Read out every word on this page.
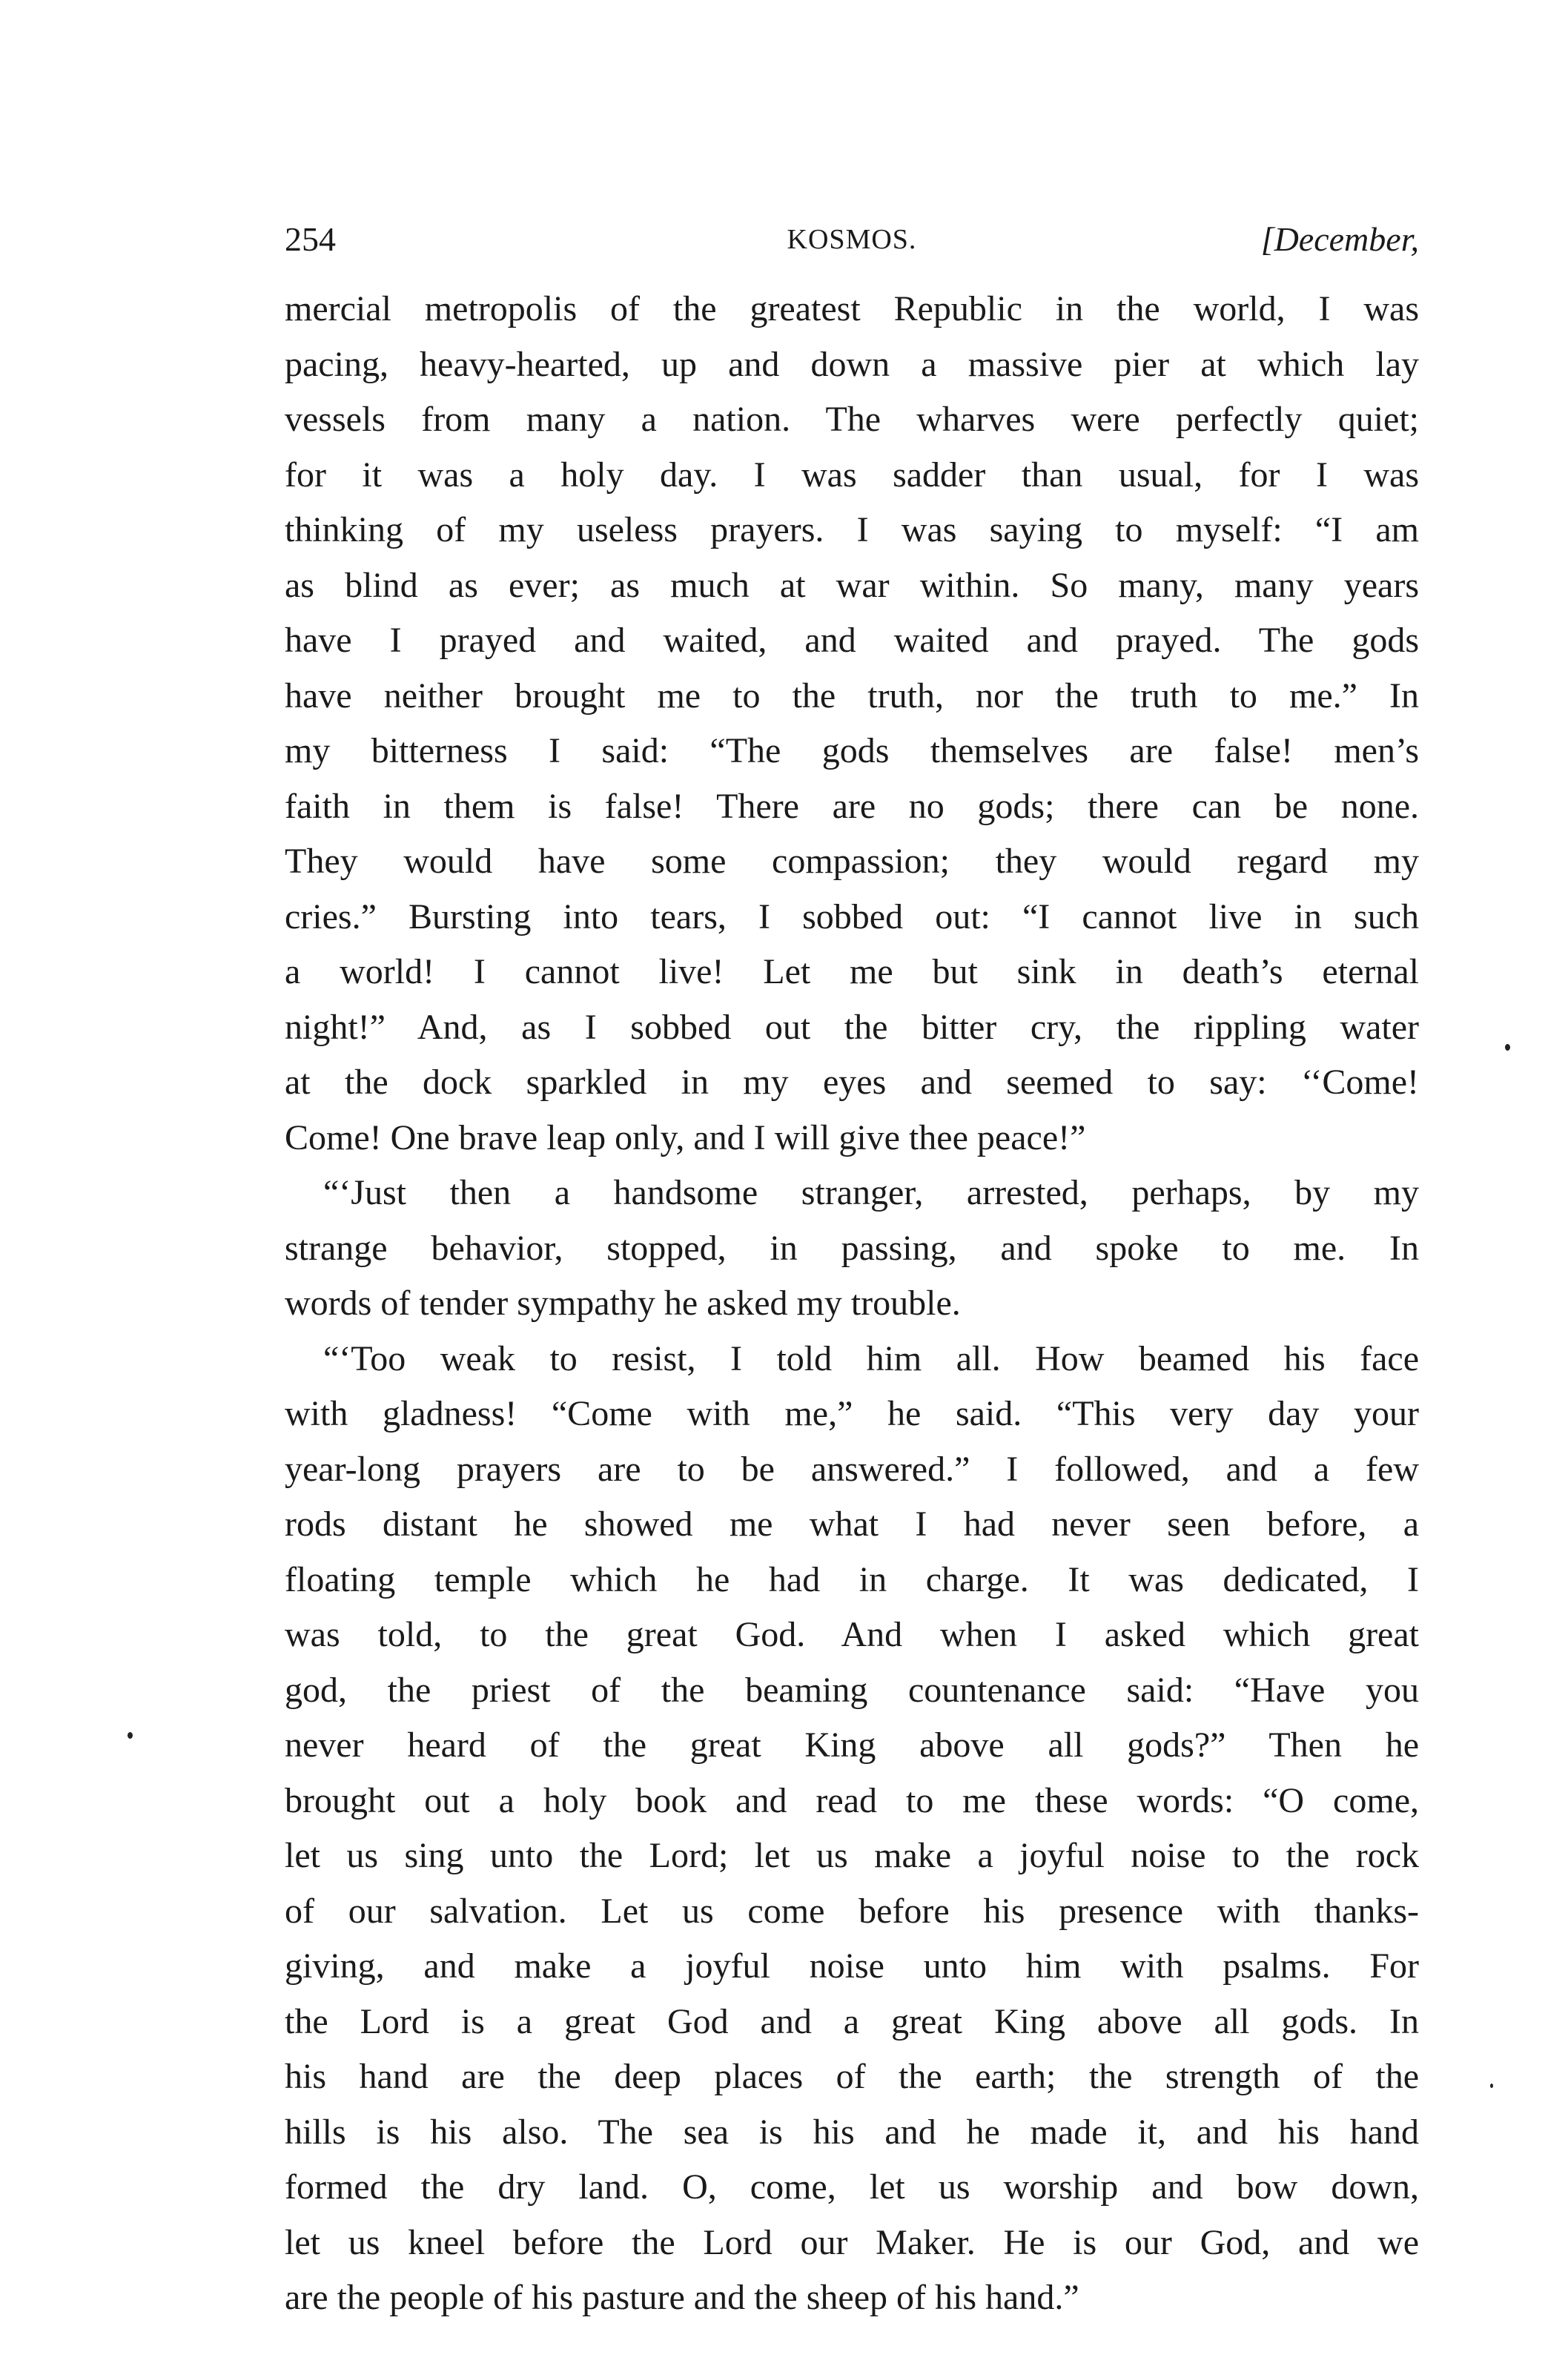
254	KOSMOS.	[December,
mercial metropolis of the greatest Republic in the world, I was
pacing, heavy-hearted, up and down a massive pier at which lay
vessels from many a nation. The wharves were perfectly quiet;
for it was a holy day. I was sadder than usual, for I was
thinking of my useless prayers. I was saying to myself: “I am
as blind as ever; as much at war within. So many, many years
have I prayed and waited, and waited and prayed. The gods
have neither brought me to the truth, nor the truth to me.” In
my bitterness I said: “The gods themselves are false! men’s
faith in them is false! There are no gods; there can be none.
They would have some compassion; they would regard my
cries.” Bursting into tears, I sobbed out: “I cannot live in such
a world! I cannot live! Let me but sink in death’s eternal
night!” And, as I sobbed out the bitter cry, the rippling water
at the dock sparkled in my eyes and seemed to say: ‘‘Come!
Come! One brave leap only, and I will give thee peace!”
“‘Just then a handsome stranger, arrested, perhaps, by my
strange behavior, stopped, in passing, and spoke to me. In
words of tender sympathy he asked my trouble.
“‘Too weak to resist, I told him all. How beamed his face
with gladness! “Come with me,” he said. “This very day your
year-long prayers are to be answered.” I followed, and a few
rods distant he showed me what I had never seen before, a
floating temple which he had in charge. It was dedicated, I
was told, to the great God. And when I asked which great
god, the priest of the beaming countenance said: “Have you
never heard of the great King above all gods?” Then he
brought out a holy book and read to me these words: “O come,
let us sing unto the Lord; let us make a joyful noise to the rock
of our salvation. Let us come before his presence with thanks-
giving, and make a joyful noise unto him with psalms. For
the Lord is a great God and a great King above all gods. In
his hand are the deep places of the earth; the strength of the
hills is his also. The sea is his and he made it, and his hand
formed the dry land. O, come, let us worship and bow down,
let us kneel before the Lord our Maker. He is our God, and we
are the people of his pasture and the sheep of his hand.”
